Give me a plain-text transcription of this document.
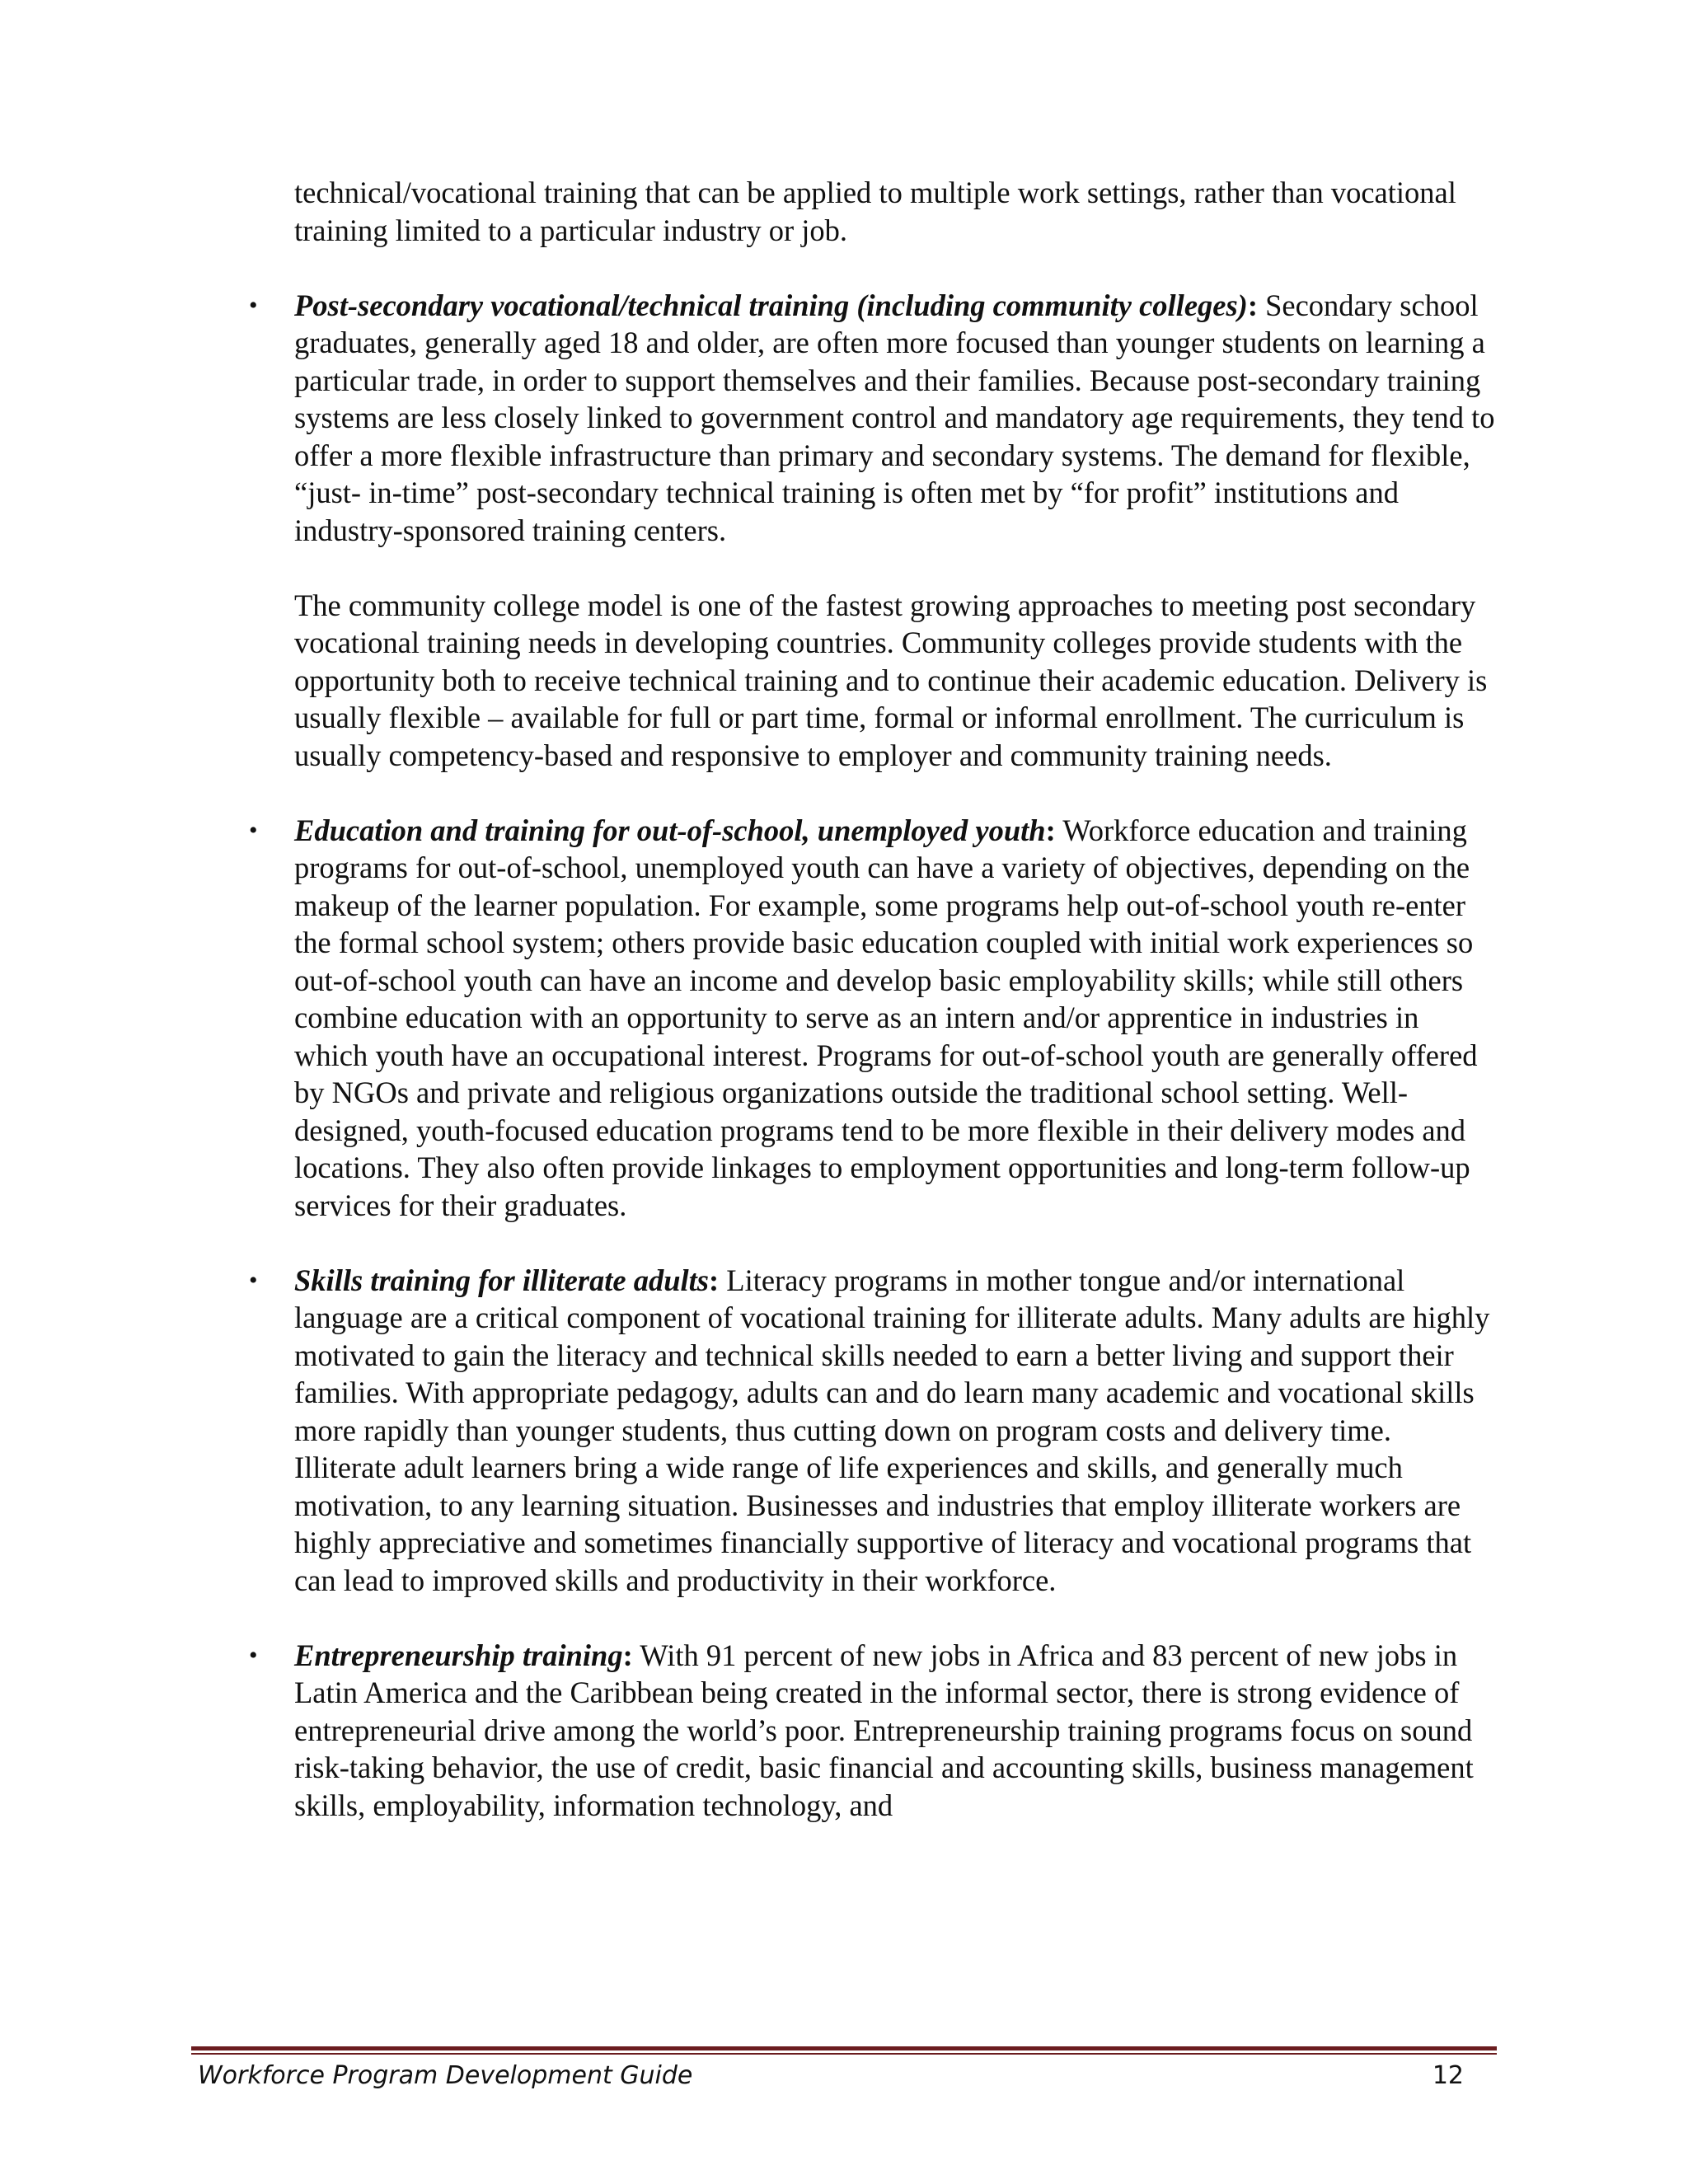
technical/vocational training that can be applied to multiple work settings, rather than vocational training limited to a particular industry or job.

• Post-secondary vocational/technical training (including community colleges): Secondary school graduates, generally aged 18 and older, are often more focused than younger students on learning a particular trade, in order to support themselves and their families. Because post-secondary training systems are less closely linked to government control and mandatory age requirements, they tend to offer a more flexible infrastructure than primary and secondary systems. The demand for flexible, “just- in-time” post-secondary technical training is often met by “for profit” institutions and industry-sponsored training centers.
The community college model is one of the fastest growing approaches to meeting post secondary vocational training needs in developing countries. Community colleges provide students with the opportunity both to receive technical training and to continue their academic education. Delivery is usually flexible – available for full or part time, formal or informal enrollment. The curriculum is usually competency-based and responsive to employer and community training needs.
• Education and training for out-of-school, unemployed youth: Workforce education and training programs for out-of-school, unemployed youth can have a variety of objectives, depending on the makeup of the learner population. For example, some programs help out-of-school youth re-enter the formal school system; others provide basic education coupled with initial work experiences so out-of-school youth can have an income and develop basic employability skills; while still others combine education with an opportunity to serve as an intern and/or apprentice in industries in which youth have an occupational interest. Programs for out-of-school youth are generally offered by NGOs and private and religious organizations outside the traditional school setting. Well-designed, youth-focused education programs tend to be more flexible in their delivery modes and locations. They also often provide linkages to employment opportunities and long-term follow-up services for their graduates.
• Skills training for illiterate adults: Literacy programs in mother tongue and/or international language are a critical component of vocational training for illiterate adults. Many adults are highly motivated to gain the literacy and technical skills needed to earn a better living and support their families. With appropriate pedagogy, adults can and do learn many academic and vocational skills more rapidly than younger students, thus cutting down on program costs and delivery time. Illiterate adult learners bring a wide range of life experiences and skills, and generally much motivation, to any learning situation. Businesses and industries that employ illiterate workers are highly appreciative and sometimes financially supportive of literacy and vocational programs that can lead to improved skills and productivity in their workforce.
• Entrepreneurship training: With 91 percent of new jobs in Africa and 83 percent of new jobs in Latin America and the Caribbean being created in the informal sector, there is strong evidence of entrepreneurial drive among the world’s poor. Entrepreneurship training programs focus on sound risk-taking behavior, the use of credit, basic financial and accounting skills, business management skills, employability, information technology, and
Workforce Program Development Guide	12
